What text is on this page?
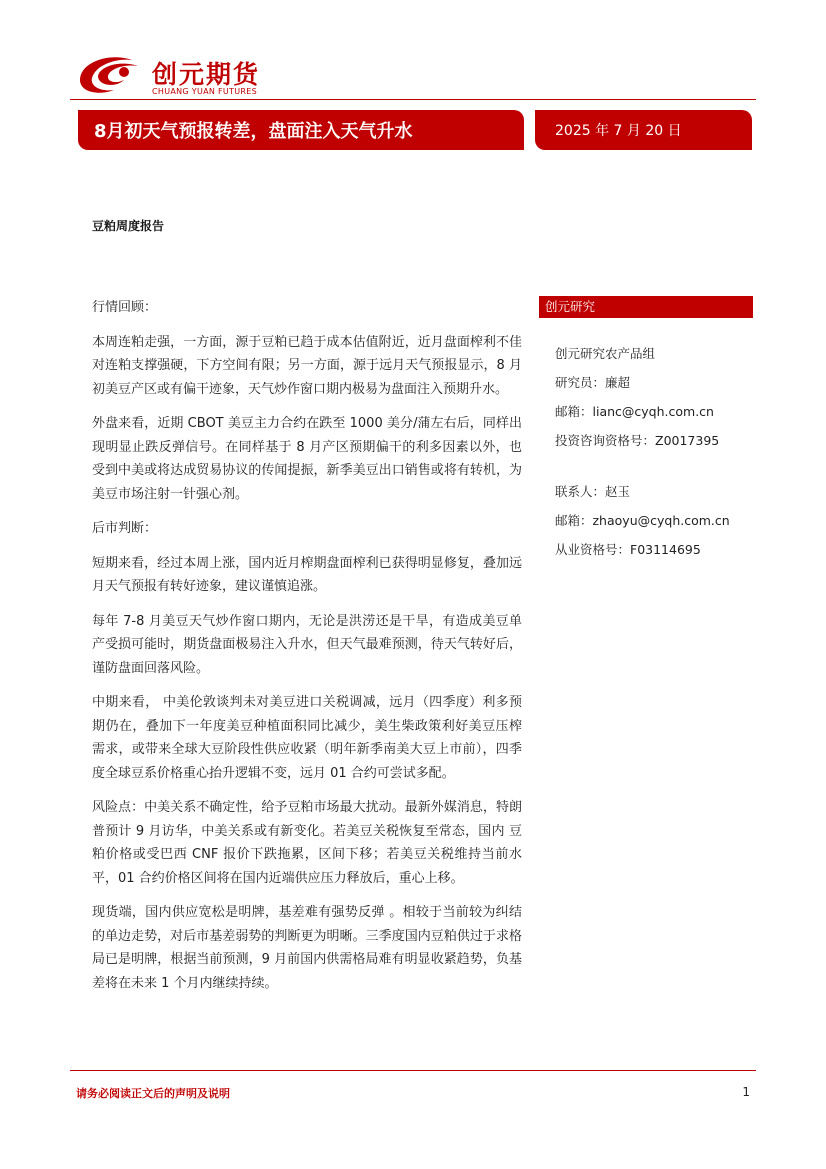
创元期货
CHUANG YUAN FUTURES
8月初天气预报转差，盘面注入天气升水	2025 年 7 月 20 日
豆粕周度报告

行情回顾：

本周连粕走强，一方面，源于豆粕已趋于成本估值附近，近月盘面榨利不佳对连粕支撑强硬，下方空间有限；另一方面，源于远月天气预报显示，8 月初美豆产区或有偏干迹象，天气炒作窗口期内极易为盘面注入预期升水。

外盘来看，近期 CBOT 美豆主力合约在跌至 1000 美分/蒲左右后，同样出现明显止跌反弹信号。在同样基于 8 月产区预期偏干的利多因素以外，也受到中美或将达成贸易协议的传闻提振，新季美豆出口销售或将有转机，为美豆市场注射一针强心剂。

后市判断：

短期来看，经过本周上涨，国内近月榨期盘面榨利已获得明显修复，叠加远月天气预报有转好迹象，建议谨慎追涨。

每年 7-8 月美豆天气炒作窗口期内，无论是洪涝还是干旱，有造成美豆单 产受损可能时，期货盘面极易注入升水，但天气最难预测，待天气转好后，谨防盘面回落风险。

中期来看， 中美伦敦谈判未对美豆进口关税调减，远月（四季度）利多预 期仍在，叠加下一年度美豆种植面积同比减少，美生柴政策利好美豆压榨 需求，或带来全球大豆阶段性供应收紧（明年新季南美大豆上市前），四季 度全球豆系价格重心抬升逻辑不变，远月 01 合约可尝试多配。

风险点：中美关系不确定性，给予豆粕市场最大扰动。最新外媒消息，特朗普预计 9 月访华，中美关系或有新变化。若美豆关税恢复至常态，国内 豆粕价格或受巴西 CNF 报价下跌拖累，区间下移；若美豆关税维持当前水 平，01 合约价格区间将在国内近端供应压力释放后，重心上移。

现货端，国内供应宽松是明牌，基差难有强势反弹 。相较于当前较为纠结的单边走势，对后市基差弱势的判断更为明晰。三季度国内豆粕供过于求格局已是明牌，根据当前预测，9 月前国内供需格局难有明显收紧趋势，负基差将在未来 1 个月内继续持续。

创元研究
创元研究农产品组
研究员：廉超
邮箱：lianc@cyqh.com.cn
投资咨询资格号：Z0017395
联系人：赵玉
邮箱：zhaoyu@cyqh.com.cn
从业资格号：F03114695
请务必阅读正文后的声明及说明	1
